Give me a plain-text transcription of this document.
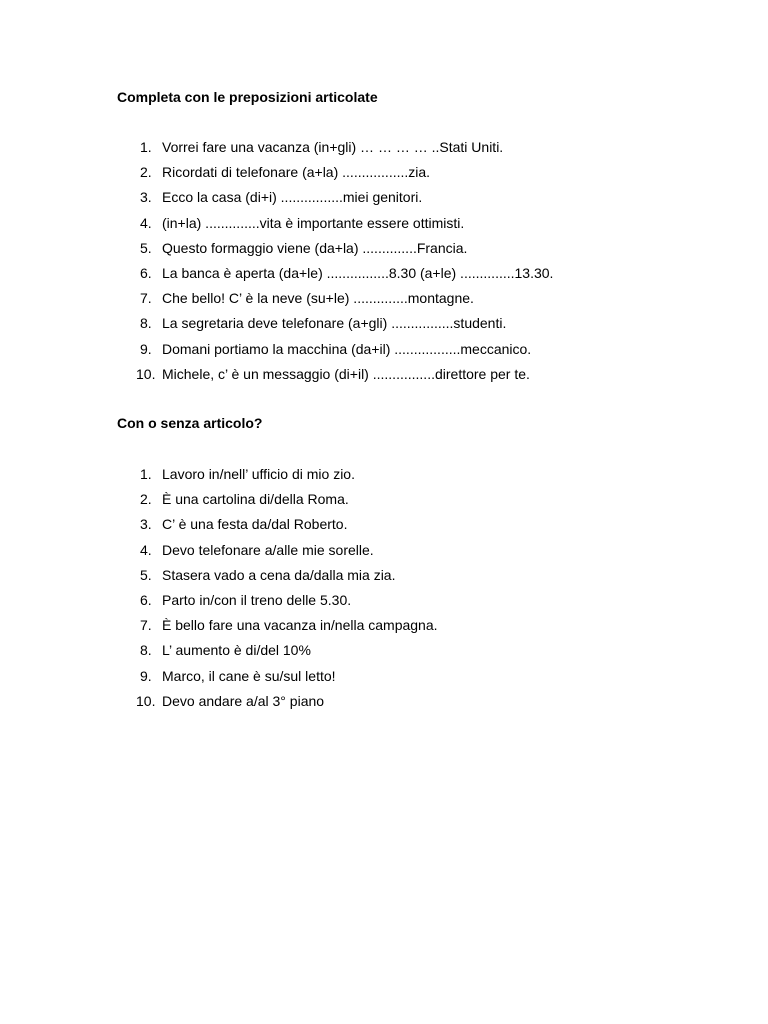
Completa con le preposizioni articolate
1. Vorrei fare una vacanza (in+gli) … … … … ..Stati Uniti.
2. Ricordati di telefonare (a+la) .................zia.
3. Ecco la casa (di+i) ................miei genitori.
4. (in+la) ..............vita è importante essere ottimisti.
5. Questo formaggio viene (da+la) ..............Francia.
6. La banca è aperta (da+le) ................8.30 (a+le) ..............13.30.
7. Che bello! C’ è la neve (su+le) ..............montagne.
8. La segretaria deve telefonare (a+gli) ................studenti.
9. Domani portiamo la macchina (da+il) .................meccanico.
10. Michele, c’ è un messaggio (di+il) ................direttore per te.
Con o senza articolo?
1. Lavoro in/nell’ ufficio di mio zio.
2. È una cartolina di/della Roma.
3. C’ è una festa da/dal Roberto.
4. Devo telefonare a/alle mie sorelle.
5. Stasera vado a cena da/dalla mia zia.
6. Parto in/con il treno delle 5.30.
7. È bello fare una vacanza in/nella campagna.
8. L’ aumento è di/del 10%
9. Marco, il cane è su/sul letto!
10. Devo andare a/al 3° piano
